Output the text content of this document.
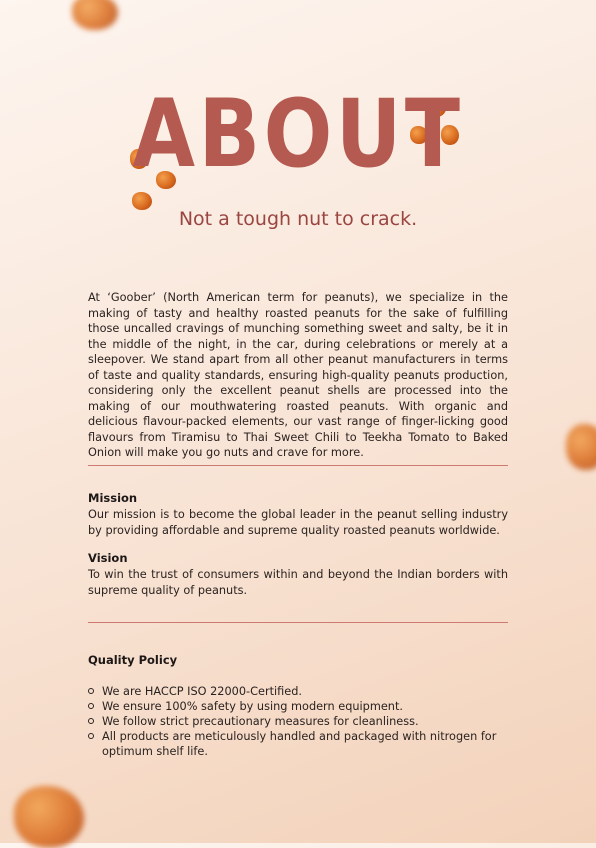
ABOUT
Not a tough nut to crack.
At ‘Goober’ (North American term for peanuts), we specialize in the making of tasty and healthy roasted peanuts for the sake of fulfilling those uncalled cravings of munching something sweet and salty, be it in the middle of the night, in the car, during celebrations or merely at a sleepover. We stand apart from all other peanut manufacturers in terms of taste and quality standards, ensuring high-quality peanuts production, considering only the excellent peanut shells are processed into the making of our mouthwatering roasted peanuts. With organic and delicious flavour-packed elements, our vast range of finger-licking good flavours from Tiramisu to Thai Sweet Chili to Teekha Tomato to Baked Onion will make you go nuts and crave for more.
Mission
Our mission is to become the global leader in the peanut selling industry by providing affordable and supreme quality roasted peanuts worldwide.
Vision
To win the trust of consumers within and beyond the Indian borders with supreme quality of peanuts.
Quality Policy
We are HACCP ISO 22000-Certified.
We ensure 100% safety by using modern equipment.
We follow strict precautionary measures for cleanliness.
All products are meticulously handled and packaged with nitrogen for optimum shelf life.
